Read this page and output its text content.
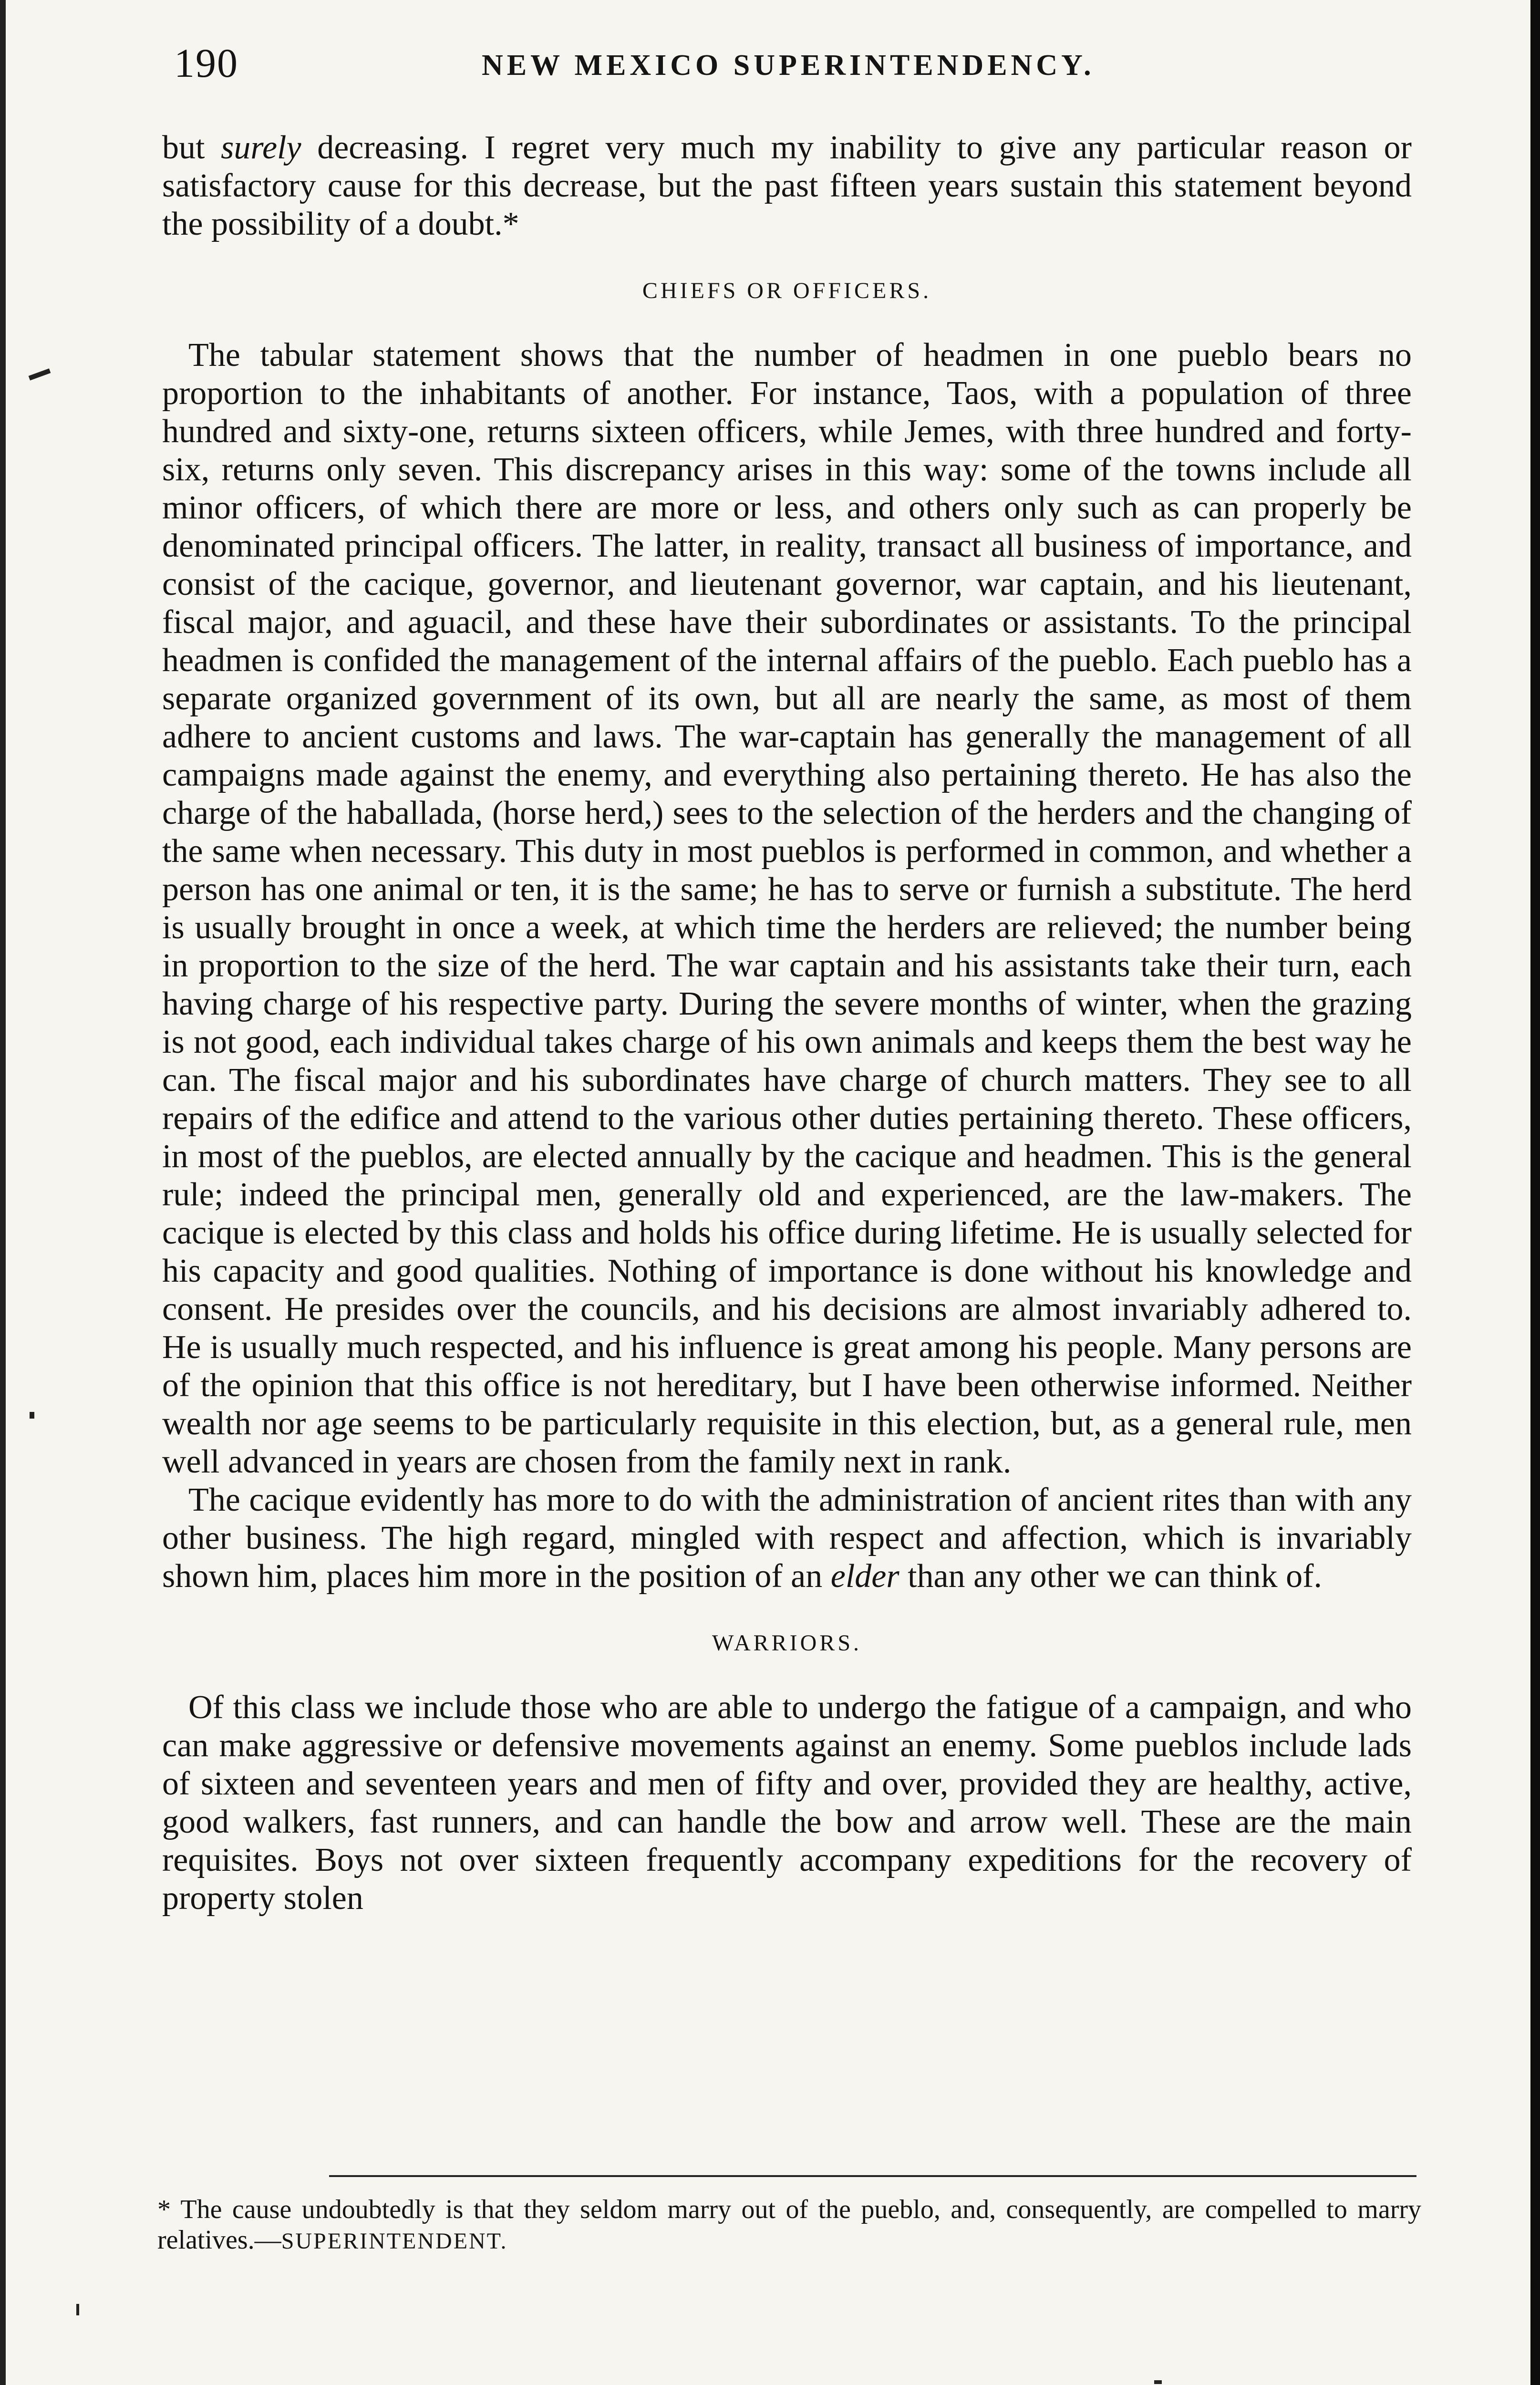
190	NEW MEXICO SUPERINTENDENCY.

but surely decreasing. I regret very much my inability to give any particular reason or satisfactory cause for this decrease, but the past fifteen years sustain this statement beyond the possibility of a doubt.*

CHIEFS OR OFFICERS.

The tabular statement shows that the number of headmen in one pueblo bears no proportion to the inhabitants of another. For instance, Taos, with a population of three hundred and sixty-one, returns sixteen officers, while Jemes, with three hundred and forty-six, returns only seven. This discrepancy arises in this way: some of the towns include all minor officers, of which there are more or less, and others only such as can properly be denominated principal officers. The latter, in reality, transact all business of importance, and consist of the cacique, governor, and lieutenant governor, war captain, and his lieutenant, fiscal major, and aguacil, and these have their subordinates or assistants. To the principal headmen is confided the management of the internal affairs of the pueblo. Each pueblo has a separate organized government of its own, but all are nearly the same, as most of them adhere to ancient customs and laws. The war-captain has generally the management of all campaigns made against the enemy, and everything also pertaining thereto. He has also the charge of the haballada, (horse herd,) sees to the selection of the herders and the changing of the same when necessary. This duty in most pueblos is performed in common, and whether a person has one animal or ten, it is the same; he has to serve or furnish a substitute. The herd is usually brought in once a week, at which time the herders are relieved; the number being in proportion to the size of the herd. The war captain and his assistants take their turn, each having charge of his respective party. During the severe months of winter, when the grazing is not good, each individual takes charge of his own animals and keeps them the best way he can. The fiscal major and his subordinates have charge of church matters. They see to all repairs of the edifice and attend to the various other duties pertaining thereto. These officers, in most of the pueblos, are elected annually by the cacique and headmen. This is the general rule; indeed the principal men, generally old and experienced, are the law-makers. The cacique is elected by this class and holds his office during lifetime. He is usually selected for his capacity and good qualities. Nothing of importance is done without his knowledge and consent. He presides over the councils, and his decisions are almost invariably adhered to. He is usually much respected, and his influence is great among his people. Many persons are of the opinion that this office is not hereditary, but I have been otherwise informed. Neither wealth nor age seems to be particularly requisite in this election, but, as a general rule, men well advanced in years are chosen from the family next in rank.

The cacique evidently has more to do with the administration of ancient rites than with any other business. The high regard, mingled with respect and affection, which is invariably shown him, places him more in the position of an elder than any other we can think of.

WARRIORS.

Of this class we include those who are able to undergo the fatigue of a campaign, and who can make aggressive or defensive movements against an enemy. Some pueblos include lads of sixteen and seventeen years and men of fifty and over, provided they are healthy, active, good walkers, fast runners, and can handle the bow and arrow well. These are the main requisites. Boys not over sixteen frequently accompany expeditions for the recovery of property stolen

* The cause undoubtedly is that they seldom marry out of the pueblo, and, consequently, are compelled to marry relatives.—SUPERINTENDENT.
